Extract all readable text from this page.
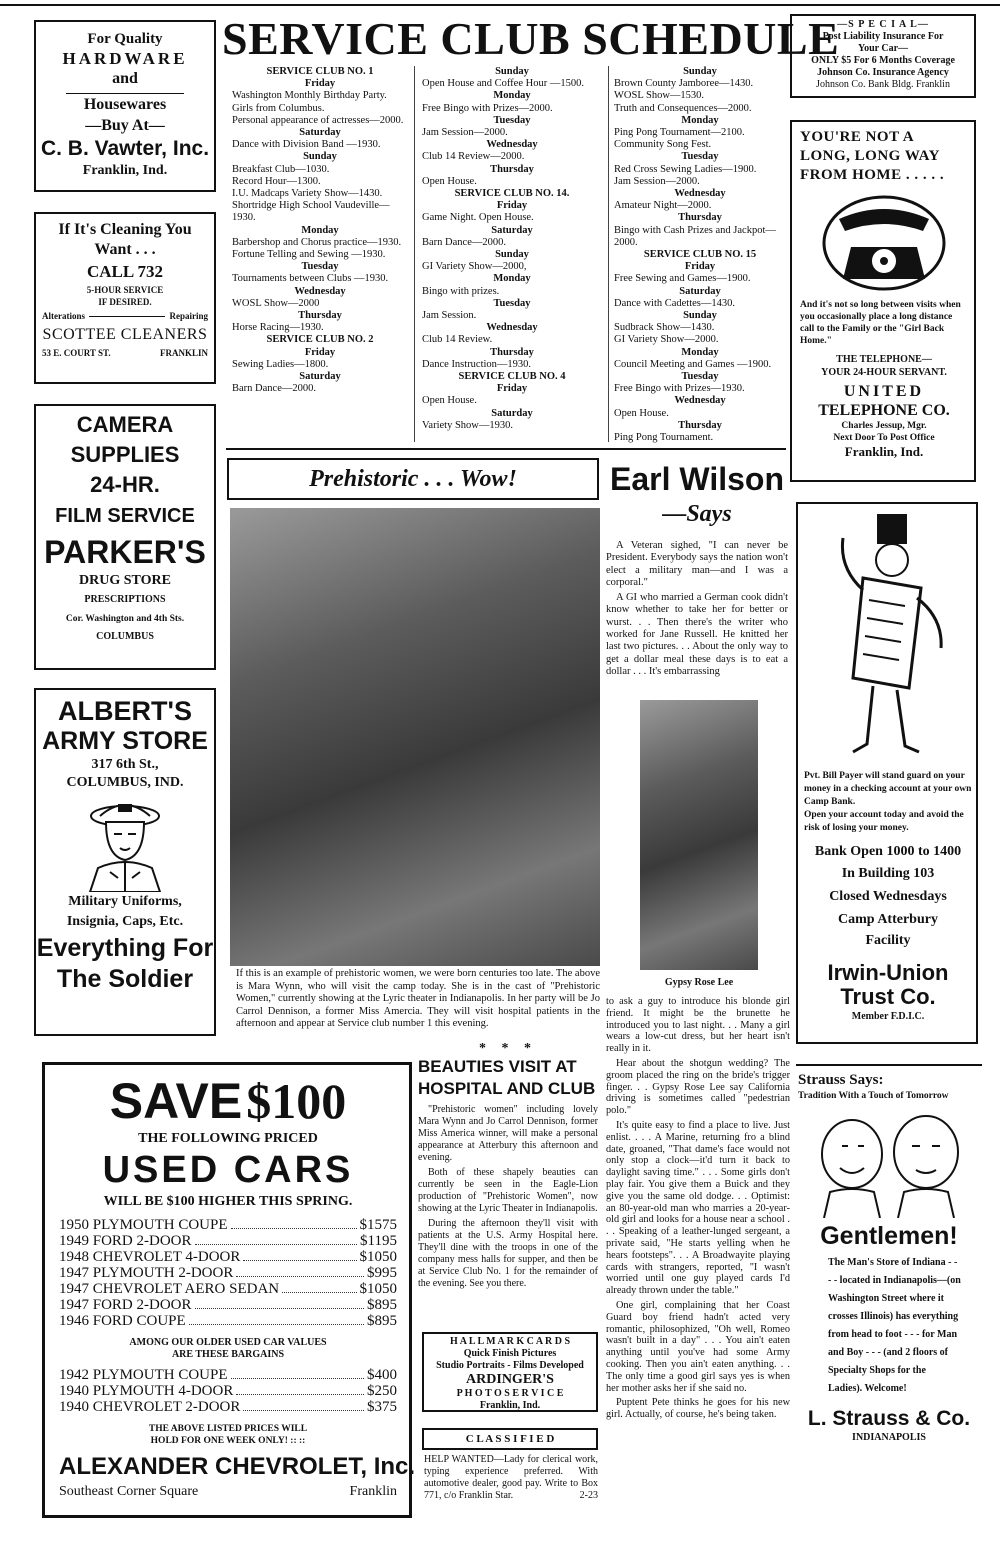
SERVICE CLUB SCHEDULE
SERVICE CLUB NO. 1
Friday
Washington Monthly Birthday Party. Girls from Columbus.
Personal appearance of actresses—2000.
Saturday
Dance with Division Band —1930.
Sunday
Breakfast Club—1030.
Record Hour—1300.
I.U. Madcaps Variety Show—1430.
Shortridge High School Vaudeville—1930.
Monday
Barbershop and Chorus practice—1930.
Fortune Telling and Sewing —1930.
Tuesday
Tournaments between Clubs —1930.
Wednesday
WOSL Show—2000
Thursday
Horse Racing—1930.
SERVICE CLUB NO. 2
Friday
Sewing Ladies—1800.
Saturday
Barn Dance—2000.
Sunday
Open House and Coffee Hour —1500.
Monday
Free Bingo with Prizes—2000.
Tuesday
Jam Session—2000.
Wednesday
Club 14 Review—2000.
Thursday
Open House.
SERVICE CLUB NO. 14.
Friday
Game Night. Open House.
Saturday
Barn Dance—2000.
Sunday
GI Variety Show—2000,
Monday
Bingo with prizes.
Tuesday
Jam Session.
Wednesday
Club 14 Review.
Thursday
Dance Instruction—1930.
SERVICE CLUB NO. 4
Friday
Open House.
Saturday
Variety Show—1930.
Sunday
Brown County Jamboree—1430.
WOSL Show—1530.
Truth and Consequences—2000.
Monday
Ping Pong Tournament—2100.
Community Song Fest.
Tuesday
Red Cross Sewing Ladies—1900.
Jam Session—2000.
Wednesday
Amateur Night—2000.
Thursday
Bingo with Cash Prizes and Jackpot—2000.
SERVICE CLUB NO. 15
Friday
Free Sewing and Games—1900.
Saturday
Dance with Cadettes—1430.
Sunday
Sudbrack Show—1430.
GI Variety Show—2000.
Monday
Council Meeting and Games —1900.
Tuesday
Free Bingo with Prizes—1930.
Wednesday
Open House.
Thursday
Ping Pong Tournament.
For Quality
HARDWARE
and
Housewares
—Buy At—
C. B. Vawter, Inc.
Franklin, Ind.
If It's Cleaning You
Want . . .
CALL 732
5-HOUR SERVICE
IF DESIRED.
Alterations	Repairing
SCOTTEE CLEANERS
53 E. COURT ST.	FRANKLIN
CAMERA
SUPPLIES
24-HR.
FILM SERVICE
PARKER'S
DRUG STORE
PRESCRIPTIONS
Cor. Washington and 4th Sts.
COLUMBUS
ALBERT'S
ARMY STORE
317 6th St.,
COLUMBUS, IND.
Military Uniforms,
Insignia, Caps, Etc.
Everything For
The Soldier
—S P E C I A L—
Post Liability Insurance For
Your Car—
ONLY $5 For 6 Months Coverage
Johnson Co. Insurance Agency
Johnson Co. Bank Bldg. Franklin
YOU'RE NOT A
LONG, LONG WAY
FROM HOME . . . . .
And it's not so long between visits when you occasionally place a long distance call to the Family or the "Girl Back Home."
THE TELEPHONE—
YOUR 24-HOUR SERVANT.
UNITED
TELEPHONE CO.
Charles Jessup, Mgr.
Next Door To Post Office
Franklin, Ind.
Pvt. Bill Payer will stand guard on your money in a checking account at your own Camp Bank.
Open your account today and avoid the risk of losing your money.
Bank Open 1000 to 1400
In Building 103
Closed Wednesdays
Camp Atterbury
Facility
Irwin-Union
Trust Co.
Member F.D.I.C.
Strauss Says:
Tradition With a Touch of Tomorrow
Gentlemen!
The Man's Store of Indiana - - - - located in Indianapolis—(on Washington Street where it crosses Illinois) has everything from head to foot - - - for Man and Boy - - - (and 2 floors of Specialty Shops for the Ladies). Welcome!
L. Strauss & Co.
INDIANAPOLIS
Prehistoric . . . Wow!
If this is an example of prehistoric women, we were born centuries too late. The above is Mara Wynn, who will visit the camp today. She is in the cast of "Prehistoric Women," currently showing at the Lyric theater in Indianapolis. In her party will be Jo Carrol Dennison, a former Miss Amercia. They will visit hospital patients in the afternoon and appear at Service club number 1 this evening.
* * *
BEAUTIES VISIT AT
HOSPITAL AND CLUB

"Prehistoric women" including lovely Mara Wynn and Jo Carrol Dennison, former Miss America winner, will make a personal appearance at Atterbury this afternoon and evening.

Both of these shapely beauties can currently be seen in the Eagle-Lion production of "Prehistoric Women", now showing at the Lyric Theater in Indianapolis.

During the afternoon they'll visit with patients at the U.S. Army Hospital here. They'll dine with the troops in one of the company mess halls for supper, and then be at Service Club No. 1 for the remainder of the evening. See you there.

H A L L M A R K C A R D S
Quick Finish Pictures
Studio Portraits - Films Developed
ARDINGER'S
P H O T O S E R V I C E
Franklin, Ind.
C L A S S I F I E D
HELP WANTED—Lady for clerical work, typing experience preferred. With automotive dealer, good pay. Write to Box 771, c/o Franklin Star.	2-23
Earl Wilson
—Says

A Veteran sighed, "I can never be President. Everybody says the nation won't elect a military man—and I was a corporal."

A GI who married a German cook didn't know whether to take her for better or wurst. . . Then there's the writer who worked for Jane Russell. He knitted her last two pictures. . . About the only way to get a dollar meal these days is to eat a dollar . . . It's embarrassing

Gypsy Rose Lee

to ask a guy to introduce his blonde girl friend. It might be the brunette he introduced you to last night. . . Many a girl wears a low-cut dress, but her heart isn't really in it.

Hear about the shotgun wedding? The groom placed the ring on the bride's trigger finger. . . Gypsy Rose Lee say California driving is sometimes called "pedestrian polo."

It's quite easy to find a place to live. Just enlist. . . . A Marine, returning fro a blind date, groaned, "That dame's face would not only stop a clock—it'd turn it back to daylight saving time." . . . Some girls don't play fair. You give them a Buick and they give you the same old dodge. . . Optimist: an 80-year-old man who marries a 20-year-old girl and looks for a house near a school . . . Speaking of a leather-lunged sergeant, a private said, "He starts yelling when he hears footsteps". . . A Broadwayite playing cards with strangers, reported, "I wasn't worried until one guy played cards I'd already thrown under the table."

One girl, complaining that her Coast Guard boy friend hadn't acted very romantic, philosophized, "Oh well, Romeo wasn't built in a day" . . . You ain't eaten anything until you've had some Army cooking. Then you ain't eaten anything. . . The only time a good girl says yes is when her mother asks her if she said no.

Puptent Pete thinks he goes for his new girl. Actually, of course, he's being taken.

SAVE $100
THE FOLLOWING PRICED
USED CARS
WILL BE $100 HIGHER THIS SPRING.
1950 PLYMOUTH COUPE	$1575
1949 FORD 2-DOOR	$1195
1948 CHEVROLET 4-DOOR	$1050
1947 PLYMOUTH 2-DOOR	$995
1947 CHEVROLET AERO SEDAN	$1050
1947 FORD 2-DOOR	$895
1946 FORD COUPE	$895
AMONG OUR OLDER USED CAR VALUES
ARE THESE BARGAINS
1942 PLYMOUTH COUPE	$400
1940 PLYMOUTH 4-DOOR	$250
1940 CHEVROLET 2-DOOR	$375
THE ABOVE LISTED PRICES WILL
HOLD FOR ONE WEEK ONLY! :: ::
ALEXANDER CHEVROLET, Inc.
Southeast Corner Square	Franklin
